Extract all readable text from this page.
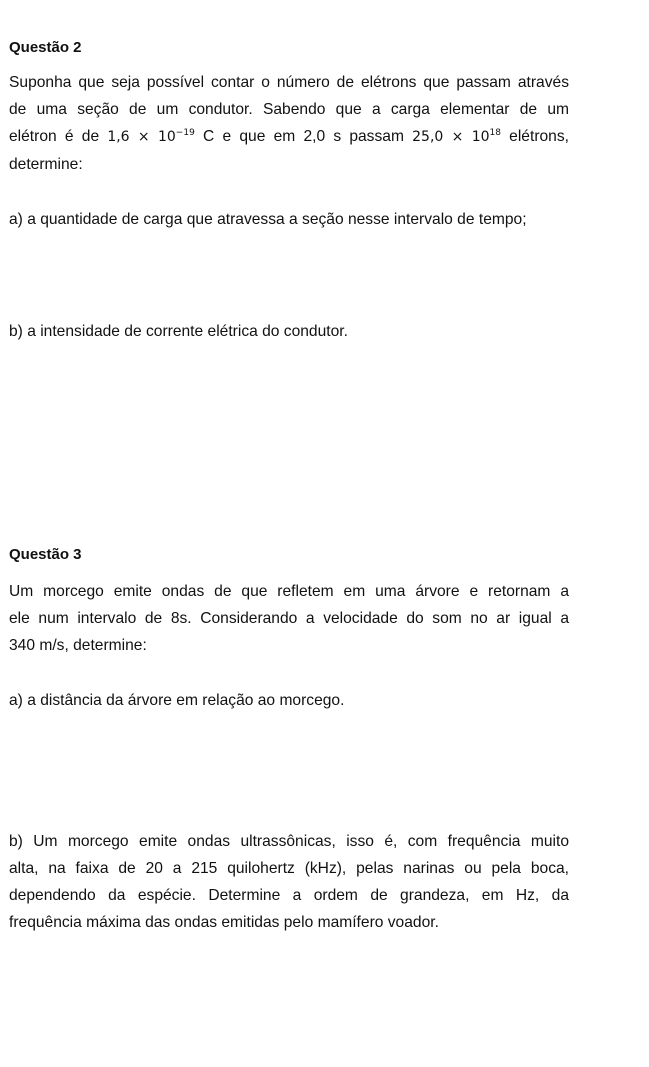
Questão 2
Suponha que seja possível contar o número de elétrons que passam através
de uma seção de um condutor. Sabendo que a carga elementar de um
elétron é de $1,6 \times 10^{-19}$ C e que em 2,0 s passam $25,0 \times 10^{18}$ elétrons,
determine:
a) a quantidade de carga que atravessa a seção nesse intervalo de tempo;
b) a intensidade de corrente elétrica do condutor.
Questão 3
Um morcego emite ondas de que refletem em uma árvore e retornam a
ele num intervalo de 8s. Considerando a velocidade do som no ar igual a
340 m/s, determine:
a) a distância da árvore em relação ao morcego.
b) Um morcego emite ondas ultrassônicas, isso é, com frequência muito
alta, na faixa de 20 a 215 quilohertz (kHz), pelas narinas ou pela boca,
dependendo da espécie. Determine a ordem de grandeza, em Hz, da
frequência máxima das ondas emitidas pelo mamífero voador.
